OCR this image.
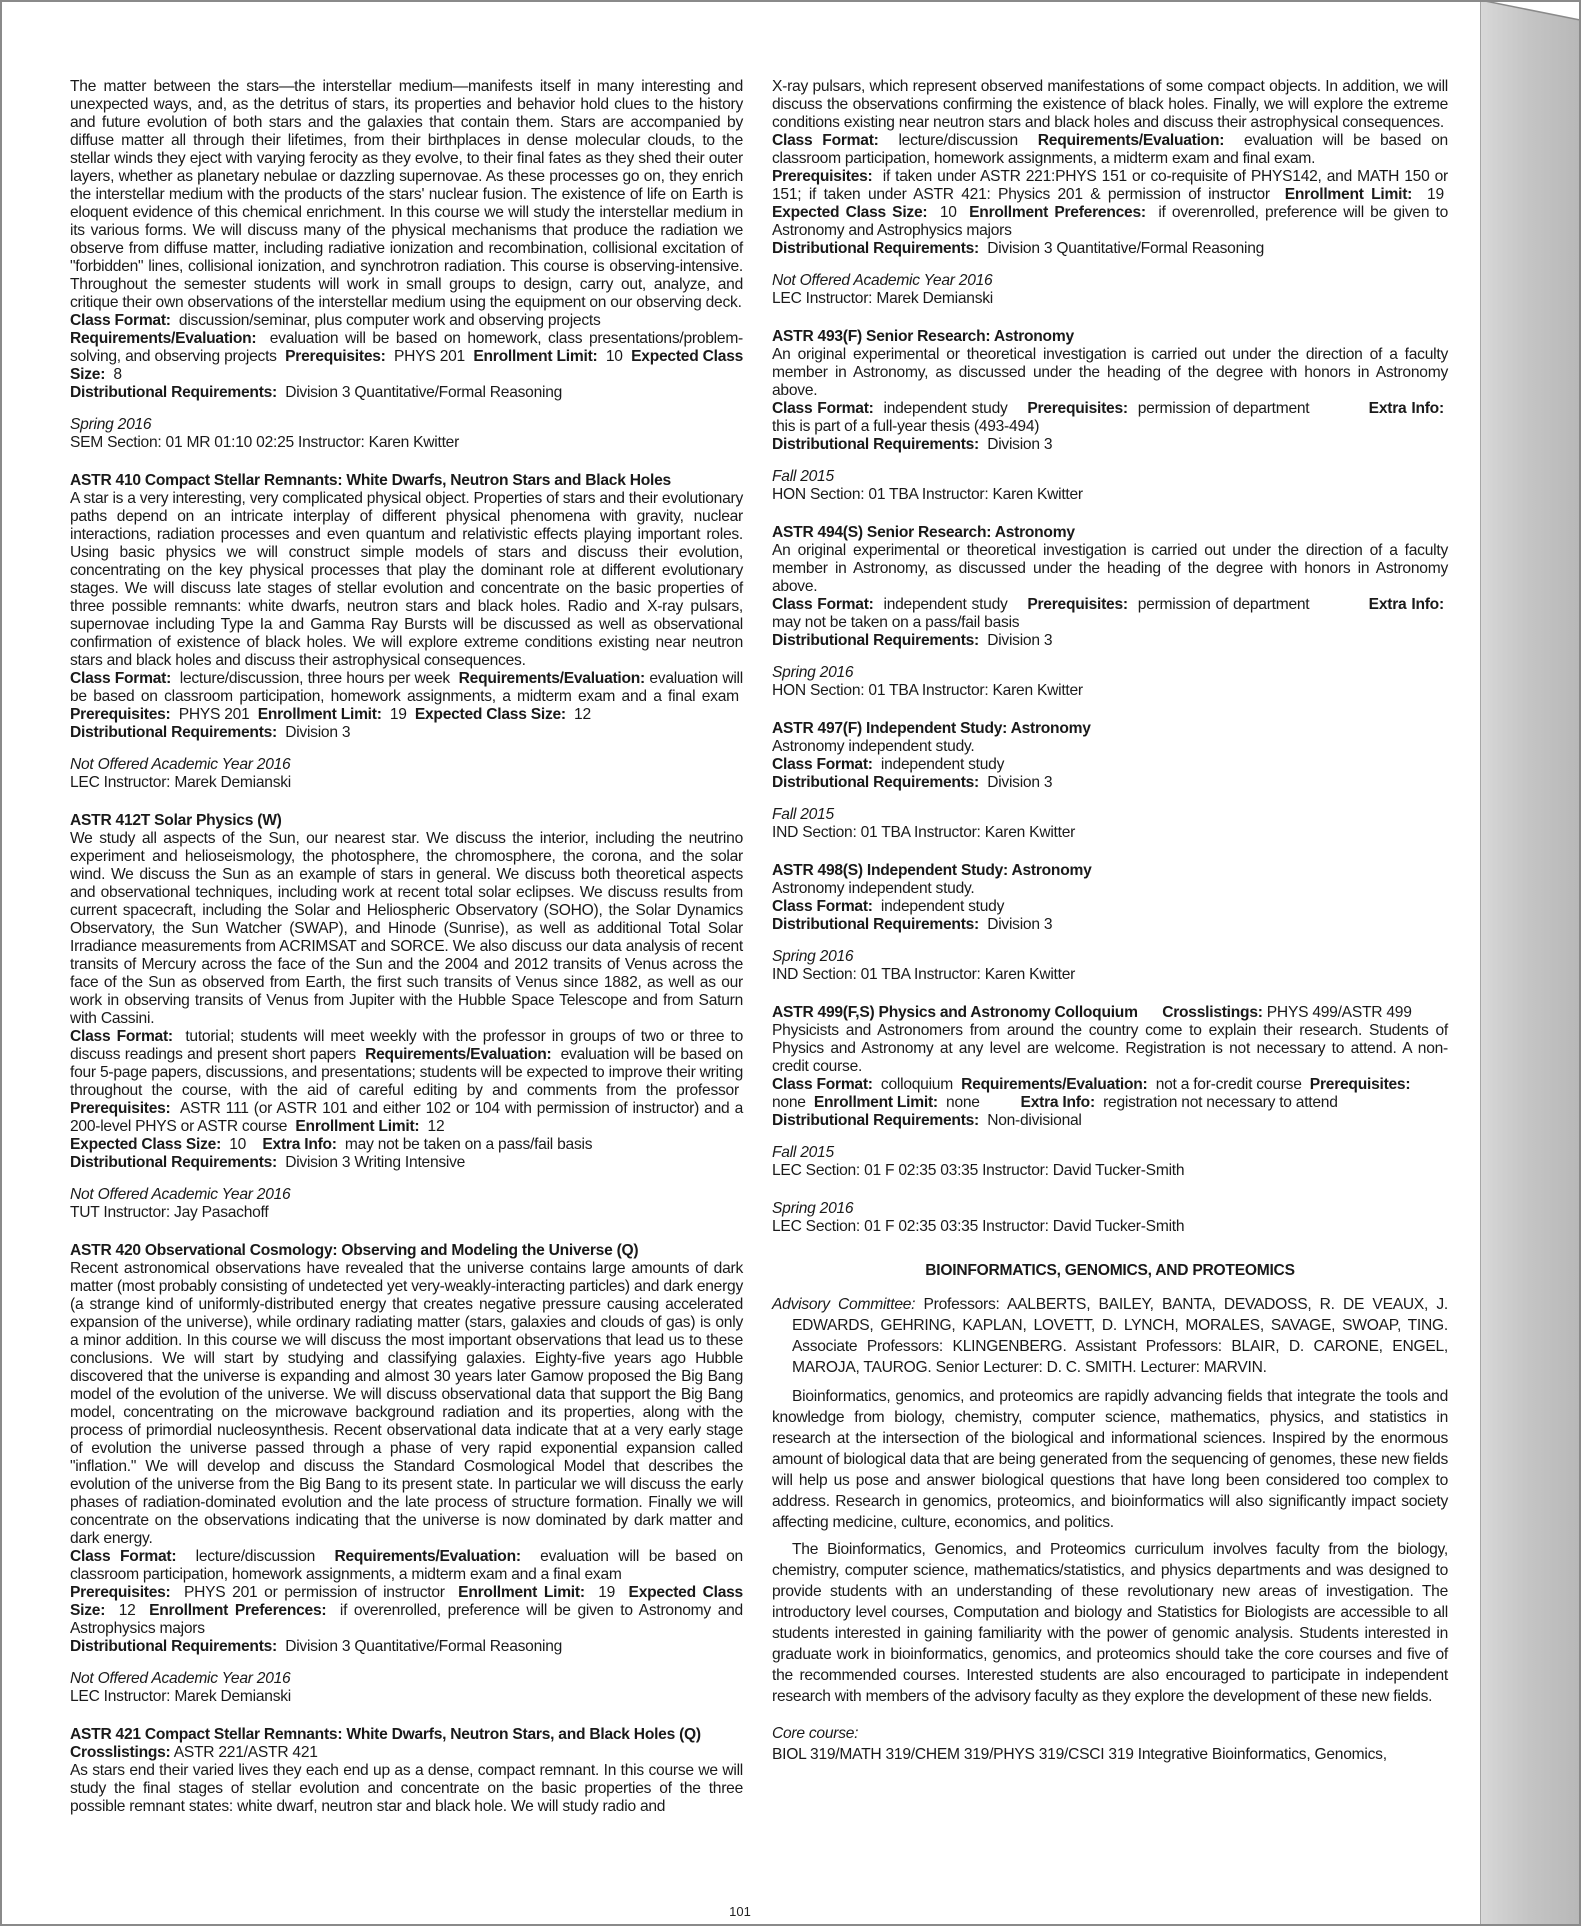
The matter between the stars—the interstellar medium—manifests itself in many interesting and unexpected ways, and, as the detritus of stars, its properties and behavior hold clues to the history and future evolution of both stars and the galaxies that contain them. Stars are accompanied by diffuse matter all through their lifetimes, from their birthplaces in dense molecular clouds, to the stellar winds they eject with varying ferocity as they evolve, to their final fates as they shed their outer layers, whether as planetary nebulae or dazzling supernovae. As these processes go on, they enrich the interstellar medium with the products of the stars' nuclear fusion. The existence of life on Earth is eloquent evidence of this chemical enrichment. In this course we will study the interstellar medium in its various forms. We will discuss many of the physical mechanisms that produce the radiation we observe from diffuse matter, including radiative ionization and recombination, collisional excitation of "forbidden" lines, collisional ionization, and synchrotron radiation. This course is observing-intensive. Throughout the semester students will work in small groups to design, carry out, analyze, and critique their own observations of the interstellar medium using the equipment on our observing deck.
Class Format: discussion/seminar, plus computer work and observing projects
Requirements/Evaluation: evaluation will be based on homework, class presentations/problem-solving, and observing projects Prerequisites: PHYS 201 Enrollment Limit: 10 Expected Class Size: 8
Distributional Requirements: Division 3 Quantitative/Formal Reasoning

Spring 2016
SEM Section: 01 MR 01:10 02:25 Instructor: Karen Kwitter

ASTR 410 Compact Stellar Remnants: White Dwarfs, Neutron Stars and Black Holes
A star is a very interesting, very complicated physical object. Properties of stars and their evolutionary paths depend on an intricate interplay of different physical phenomena with gravity, nuclear interactions, radiation processes and even quantum and relativistic effects playing important roles. Using basic physics we will construct simple models of stars and discuss their evolution, concentrating on the key physical processes that play the dominant role at different evolutionary stages. We will discuss late stages of stellar evolution and concentrate on the basic properties of three possible remnants: white dwarfs, neutron stars and black holes. Radio and X-ray pulsars, supernovae including Type Ia and Gamma Ray Bursts will be discussed as well as observational confirmation of existence of black holes. We will explore extreme conditions existing near neutron stars and black holes and discuss their astrophysical consequences.
Class Format: lecture/discussion, three hours per week Requirements/Evaluation: evaluation will be based on classroom participation, homework assignments, a midterm exam and a final exam  Prerequisites: PHYS 201 Enrollment Limit: 19 Expected Class Size: 12
Distributional Requirements: Division 3

Not Offered Academic Year 2016
LEC Instructor: Marek Demianski

ASTR 412T Solar Physics (W)
We study all aspects of the Sun, our nearest star. We discuss the interior, including the neutrino experiment and helioseismology, the photosphere, the chromosphere, the corona, and the solar wind. We discuss the Sun as an example of stars in general. We discuss both theoretical aspects and observational techniques, including work at recent total solar eclipses. We discuss results from current spacecraft, including the Solar and Heliospheric Observatory (SOHO), the Solar Dynamics Observatory, the Sun Watcher (SWAP), and Hinode (Sunrise), as well as additional Total Solar Irradiance measurements from ACRIMSAT and SORCE. We also discuss our data analysis of recent transits of Mercury across the face of the Sun and the 2004 and 2012 transits of Venus across the face of the Sun as observed from Earth, the first such transits of Venus since 1882, as well as our work in observing transits of Venus from Jupiter with the Hubble Space Telescope and from Saturn with Cassini.
Class Format: tutorial; students will meet weekly with the professor in groups of two or three to discuss readings and present short papers Requirements/Evaluation: evaluation will be based on four 5-page papers, discussions, and presentations; students will be expected to improve their writing throughout the course, with the aid of careful editing by and comments from the professor  Prerequisites: ASTR 111 (or ASTR 101 and either 102 or 104 with permission of instructor) and a 200-level PHYS or ASTR course Enrollment Limit: 12
Expected Class Size: 10 Extra Info: may not be taken on a pass/fail basis
Distributional Requirements: Division 3 Writing Intensive

Not Offered Academic Year 2016
TUT Instructor: Jay Pasachoff

ASTR 420 Observational Cosmology: Observing and Modeling the Universe (Q)
Recent astronomical observations have revealed that the universe contains large amounts of dark matter (most probably consisting of undetected yet very-weakly-interacting particles) and dark energy (a strange kind of uniformly-distributed energy that creates negative pressure causing accelerated expansion of the universe), while ordinary radiating matter (stars, galaxies and clouds of gas) is only a minor addition. In this course we will discuss the most important observations that lead us to these conclusions. We will start by studying and classifying galaxies. Eighty-five years ago Hubble discovered that the universe is expanding and almost 30 years later Gamow proposed the Big Bang model of the evolution of the universe. We will discuss observational data that support the Big Bang model, concentrating on the microwave background radiation and its properties, along with the process of primordial nucleosynthesis. Recent observational data indicate that at a very early stage of evolution the universe passed through a phase of very rapid exponential expansion called "inflation." We will develop and discuss the Standard Cosmological Model that describes the evolution of the universe from the Big Bang to its present state. In particular we will discuss the early phases of radiation-dominated evolution and the late process of structure formation. Finally we will concentrate on the observations indicating that the universe is now dominated by dark matter and dark energy.
Class Format: lecture/discussion Requirements/Evaluation: evaluation will be based on classroom participation, homework assignments, a midterm exam and a final exam
Prerequisites: PHYS 201 or permission of instructor Enrollment Limit: 19 Expected Class Size: 12 Enrollment Preferences: if overenrolled, preference will be given to Astronomy and Astrophysics majors
Distributional Requirements: Division 3 Quantitative/Formal Reasoning

Not Offered Academic Year 2016
LEC Instructor: Marek Demianski

ASTR 421 Compact Stellar Remnants: White Dwarfs, Neutron Stars, and Black Holes (Q)
Crosslistings: ASTR 221/ASTR 421
As stars end their varied lives they each end up as a dense, compact remnant. In this course we will study the final stages of stellar evolution and concentrate on the basic properties of the three possible remnant states: white dwarf, neutron star and black hole. We will study radio and

X-ray pulsars, which represent observed manifestations of some compact objects. In addition, we will discuss the observations confirming the existence of black holes. Finally, we will explore the extreme conditions existing near neutron stars and black holes and discuss their astrophysical consequences.
Class Format: lecture/discussion Requirements/Evaluation: evaluation will be based on classroom participation, homework assignments, a midterm exam and final exam.
Prerequisites: if taken under ASTR 221:PHYS 151 or co-requisite of PHYS142, and MATH 150 or 151; if taken under ASTR 421: Physics 201 & permission of instructor Enrollment Limit: 19  Expected Class Size: 10 Enrollment Preferences: if overenrolled, preference will be given to Astronomy and Astrophysics majors
Distributional Requirements: Division 3 Quantitative/Formal Reasoning

Not Offered Academic Year 2016
LEC Instructor: Marek Demianski

ASTR 493(F) Senior Research: Astronomy
An original experimental or theoretical investigation is carried out under the direction of a faculty member in Astronomy, as discussed under the heading of the degree with honors in Astronomy above.
Class Format: independent study Prerequisites: permission of department	Extra Info:  this is part of a full-year thesis (493-494)
Distributional Requirements: Division 3

Fall 2015
HON Section: 01 TBA Instructor: Karen Kwitter

ASTR 494(S) Senior Research: Astronomy
An original experimental or theoretical investigation is carried out under the direction of a faculty member in Astronomy, as discussed under the heading of the degree with honors in Astronomy above.
Class Format: independent study Prerequisites: permission of department	Extra Info:  may not be taken on a pass/fail basis
Distributional Requirements: Division 3

Spring 2016
HON Section: 01 TBA Instructor: Karen Kwitter

ASTR 497(F) Independent Study: Astronomy
Astronomy independent study.
Class Format: independent study
Distributional Requirements: Division 3

Fall 2015
IND Section: 01 TBA Instructor: Karen Kwitter

ASTR 498(S) Independent Study: Astronomy
Astronomy independent study.
Class Format: independent study
Distributional Requirements: Division 3

Spring 2016
IND Section: 01 TBA Instructor: Karen Kwitter

ASTR 499(F,S) Physics and Astronomy Colloquium Crosslistings: PHYS 499/ASTR 499
Physicists and Astronomers from around the country come to explain their research. Students of Physics and Astronomy at any level are welcome. Registration is not necessary to attend. A non-credit course.
Class Format: colloquium Requirements/Evaluation: not a for-credit course Prerequisites:
none Enrollment Limit: none	Extra Info: registration not necessary to attend
Distributional Requirements: Non-divisional

Fall 2015
LEC Section: 01 F 02:35 03:35 Instructor: David Tucker-Smith
Spring 2016
LEC Section: 01 F 02:35 03:35 Instructor: David Tucker-Smith
BIOINFORMATICS, GENOMICS, AND PROTEOMICS
Advisory Committee: Professors: AALBERTS, BAILEY, BANTA, DEVADOSS, R. DE VEAUX, J. EDWARDS, GEHRING, KAPLAN, LOVETT, D. LYNCH, MORALES, SAVAGE, SWOAP, TING. Associate Professors: KLINGENBERG. Assistant Professors: BLAIR, D. CARONE, ENGEL, MAROJA, TAUROG. Senior Lecturer: D. C. SMITH. Lecturer: MARVIN.

Bioinformatics, genomics, and proteomics are rapidly advancing fields that integrate the tools and knowledge from biology, chemistry, computer science, mathematics, physics, and statistics in research at the intersection of the biological and informational sciences. Inspired by the enormous amount of biological data that are being generated from the sequencing of genomes, these new fields will help us pose and answer biological questions that have long been considered too complex to address. Research in genomics, proteomics, and bioinformatics will also significantly impact society affecting medicine, culture, economics, and politics.

The Bioinformatics, Genomics, and Proteomics curriculum involves faculty from the biology, chemistry, computer science, mathematics/statistics, and physics departments and was designed to provide students with an understanding of these revolutionary new areas of investigation. The introductory level courses, Computation and biology and Statistics for Biologists are accessible to all students interested in gaining familiarity with the power of genomic analysis. Students interested in graduate work in bioinformatics, genomics, and proteomics should take the core courses and five of the recommended courses. Interested students are also encouraged to participate in independent research with members of the advisory faculty as they explore the development of these new fields.

Core course:
BIOL 319/MATH 319/CHEM 319/PHYS 319/CSCI 319 Integrative Bioinformatics, Genomics,
101
